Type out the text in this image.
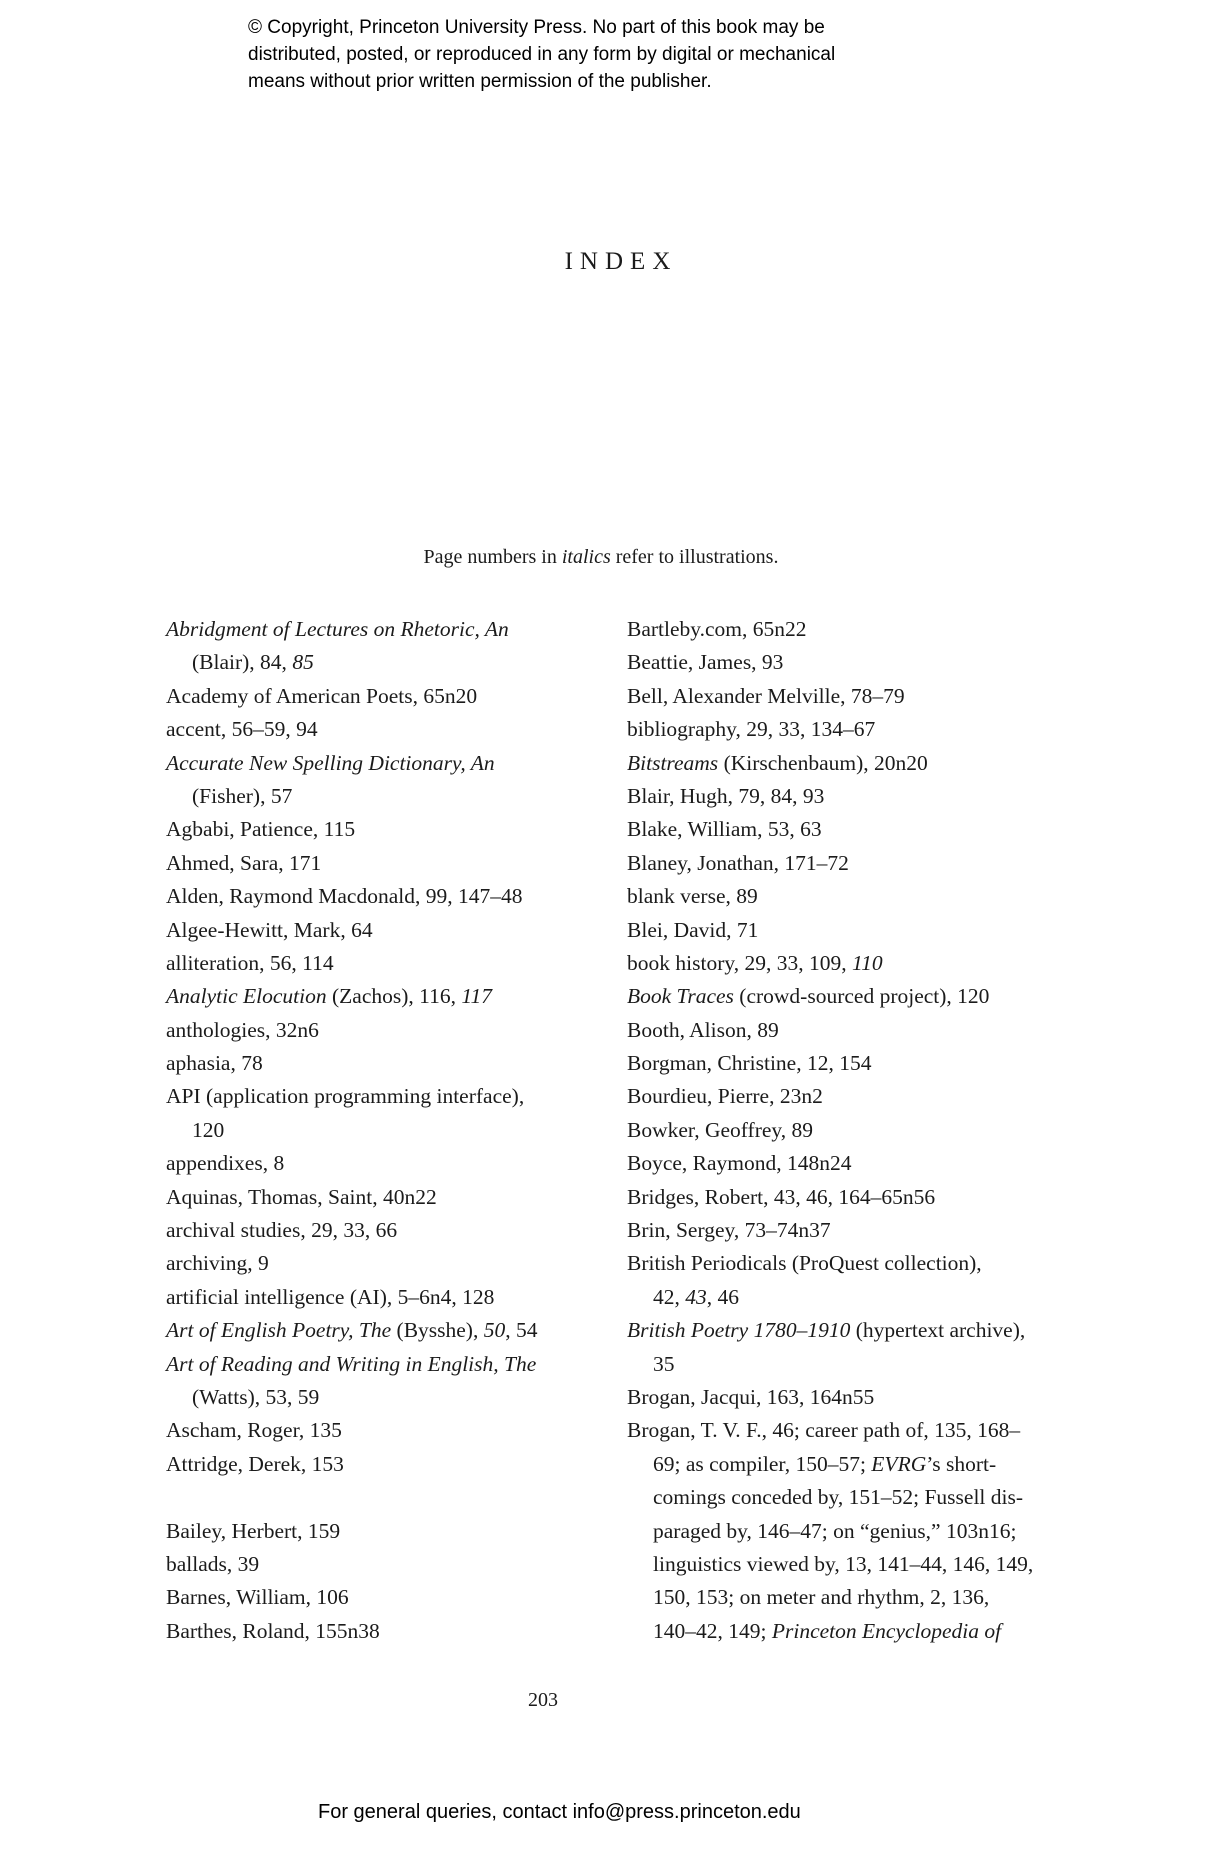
© Copyright, Princeton University Press. No part of this book may be
distributed, posted, or reproduced in any form by digital or mechanical
means without prior written permission of the publisher.
INDEX

Page numbers in italics refer to illustrations.

Abridgment of Lectures on Rhetoric, An
(Blair), 84, 85
Academy of American Poets, 65n20
accent, 56–59, 94
Accurate New Spelling Dictionary, An
(Fisher), 57
Agbabi, Patience, 115
Ahmed, Sara, 171
Alden, Raymond Macdonald, 99, 147–48
Algee-Hewitt, Mark, 64
alliteration, 56, 114
Analytic Elocution (Zachos), 116, 117
anthologies, 32n6
aphasia, 78
API (application programming interface),
120
appendixes, 8
Aquinas, Thomas, Saint, 40n22
archival studies, 29, 33, 66
archiving, 9
artificial intelligence (AI), 5–6n4, 128
Art of English Poetry, The (Bysshe), 50, 54
Art of Reading and Writing in English, The
(Watts), 53, 59
Ascham, Roger, 135
Attridge, Derek, 153

Bailey, Herbert, 159
ballads, 39
Barnes, William, 106
Barthes, Roland, 155n38
Bartleby.com, 65n22
Beattie, James, 93
Bell, Alexander Melville, 78–79
bibliography, 29, 33, 134–67
Bitstreams (Kirschenbaum), 20n20
Blair, Hugh, 79, 84, 93
Blake, William, 53, 63
Blaney, Jonathan, 171–72
blank verse, 89
Blei, David, 71
book history, 29, 33, 109, 110
Book Traces (crowd-sourced project), 120
Booth, Alison, 89
Borgman, Christine, 12, 154
Bourdieu, Pierre, 23n2
Bowker, Geoffrey, 89
Boyce, Raymond, 148n24
Bridges, Robert, 43, 46, 164–65n56
Brin, Sergey, 73–74n37
British Periodicals (ProQuest collection),
42, 43, 46
British Poetry 1780–1910 (hypertext archive),
35
Brogan, Jacqui, 163, 164n55
Brogan, T. V. F., 46; career path of, 135, 168–
69; as compiler, 150–57; EVRG’s short-
comings conceded by, 151–52; Fussell dis-
paraged by, 146–47; on “genius,” 103n16;
linguistics viewed by, 13, 141–44, 146, 149,
150, 153; on meter and rhythm, 2, 136,
140–42, 149; Princeton Encyclopedia of
203
For general queries, contact info@press.princeton.edu
